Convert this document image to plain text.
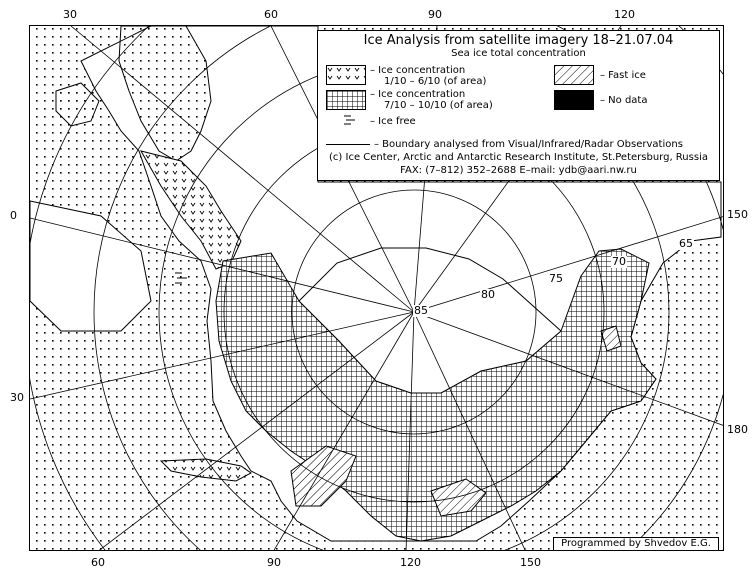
30	60	90	120
60	90	120	150
0
30
150
180
65
70
75
80
85
Ice Analysis from satellite imagery 18–21.07.04
Sea ice total concentration
– Ice concentration
1/10 – 6/10 (of area)
– Ice concentration
7/10 – 10/10 (of area)
– Ice free
– Fast ice
– No data
– Boundary analysed from Visual/Infrared/Radar Observations
(c) Ice Center, Arctic and Antarctic Research Institute, St.Petersburg, Russia
FAX: (7–812) 352–2688 E–mail: ydb@aari.nw.ru
Programmed by Shvedov E.G.
